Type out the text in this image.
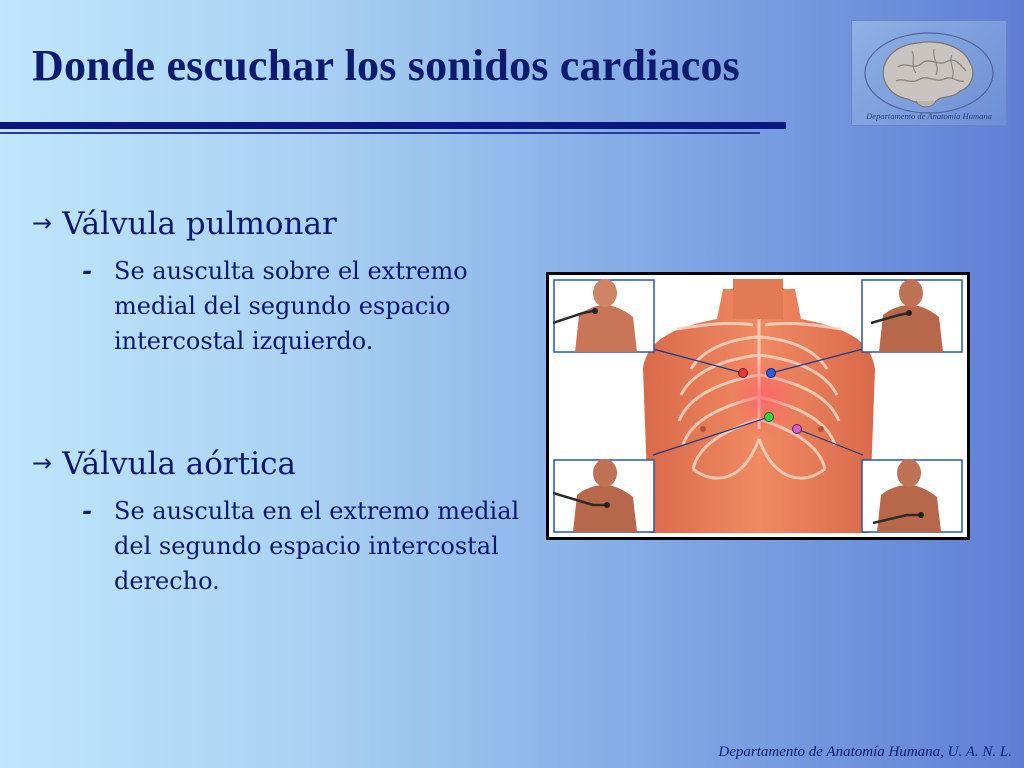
Donde escuchar los sonidos cardiacos
Departamento de Anatomía Humana
→ Válvula pulmonar
- Se ausculta sobre el extremo medial del segundo espacio intercostal izquierdo.
→ Válvula aórtica
- Se ausculta en el extremo medial del segundo espacio intercostal derecho.
Departamento de Anatomía Humana, U. A. N. L.
